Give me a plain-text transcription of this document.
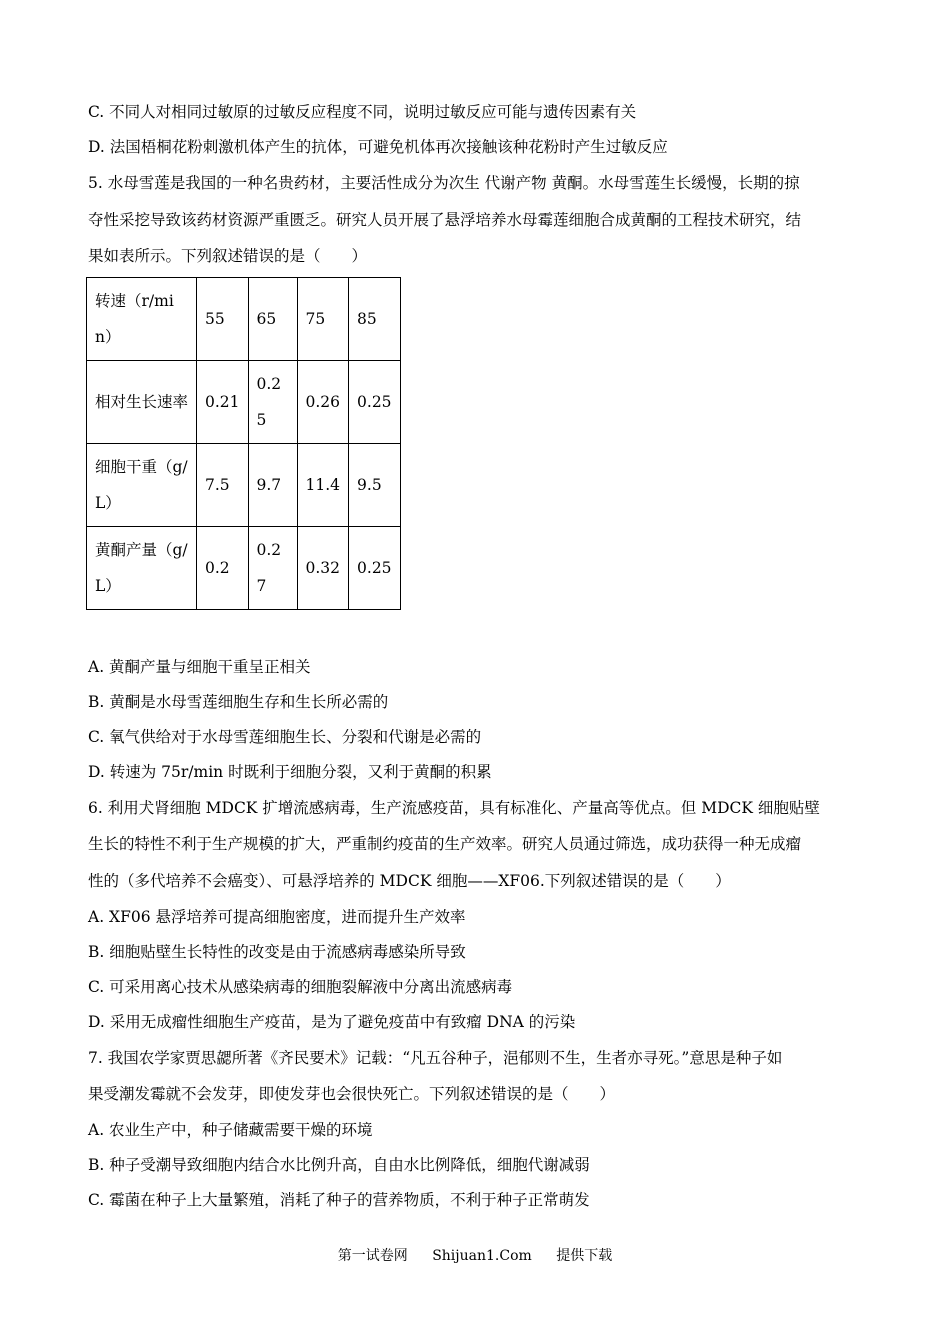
C. 不同人对相同过敏原的过敏反应程度不同，说明过敏反应可能与遗传因素有关
D. 法国梧桐花粉刺激机体产生的抗体，可避免机体再次接触该种花粉时产生过敏反应
5. 水母雪莲是我国的一种名贵药材，主要活性成分为次生 代谢产物 黄酮。水母雪莲生长缓慢，长期的掠
夺性采挖导致该药材资源严重匮乏。研究人员开展了悬浮培养水母霉莲细胞合成黄酮的工程技术研究，结
果如表所示。下列叙述错误的是（　　）
转速（r/min）	55	65	75	85
相对生长速率	0.21	0.25	0.26	0.25
细胞干重（g/L）	7.5	9.7	11.4	9.5
黄酮产量（g/L）	0.2	0.27	0.32	0.25
A. 黄酮产量与细胞干重呈正相关
B. 黄酮是水母雪莲细胞生存和生长所必需的
C. 氧气供给对于水母雪莲细胞生长、分裂和代谢是必需的
D. 转速为 75r/min 时既利于细胞分裂，又利于黄酮的积累
6. 利用犬肾细胞 MDCK 扩增流感病毒，生产流感疫苗，具有标准化、产量高等优点。但 MDCK 细胞贴壁
生长的特性不利于生产规模的扩大，严重制约疫苗的生产效率。研究人员通过筛选，成功获得一种无成瘤
性的（多代培养不会癌变）、可悬浮培养的 MDCK 细胞——XF06.下列叙述错误的是（　　）
A. XF06 悬浮培养可提高细胞密度，进而提升生产效率
B. 细胞贴壁生长特性的改变是由于流感病毒感染所导致
C. 可采用离心技术从感染病毒的细胞裂解液中分离出流感病毒
D. 采用无成瘤性细胞生产疫苗，是为了避免疫苗中有致瘤 DNA 的污染
7. 我国农学家贾思勰所著《齐民要术》记载：“凡五谷种子，浥郁则不生，生者亦寻死。”意思是种子如
果受潮发霉就不会发芽，即使发芽也会很快死亡。下列叙述错误的是（　　）
A. 农业生产中，种子储藏需要干燥的环境
B. 种子受潮导致细胞内结合水比例升高，自由水比例降低，细胞代谢减弱
C. 霉菌在种子上大量繁殖，消耗了种子的营养物质，不利于种子正常萌发
第一试卷网 Shijuan1.Com 提供下载
